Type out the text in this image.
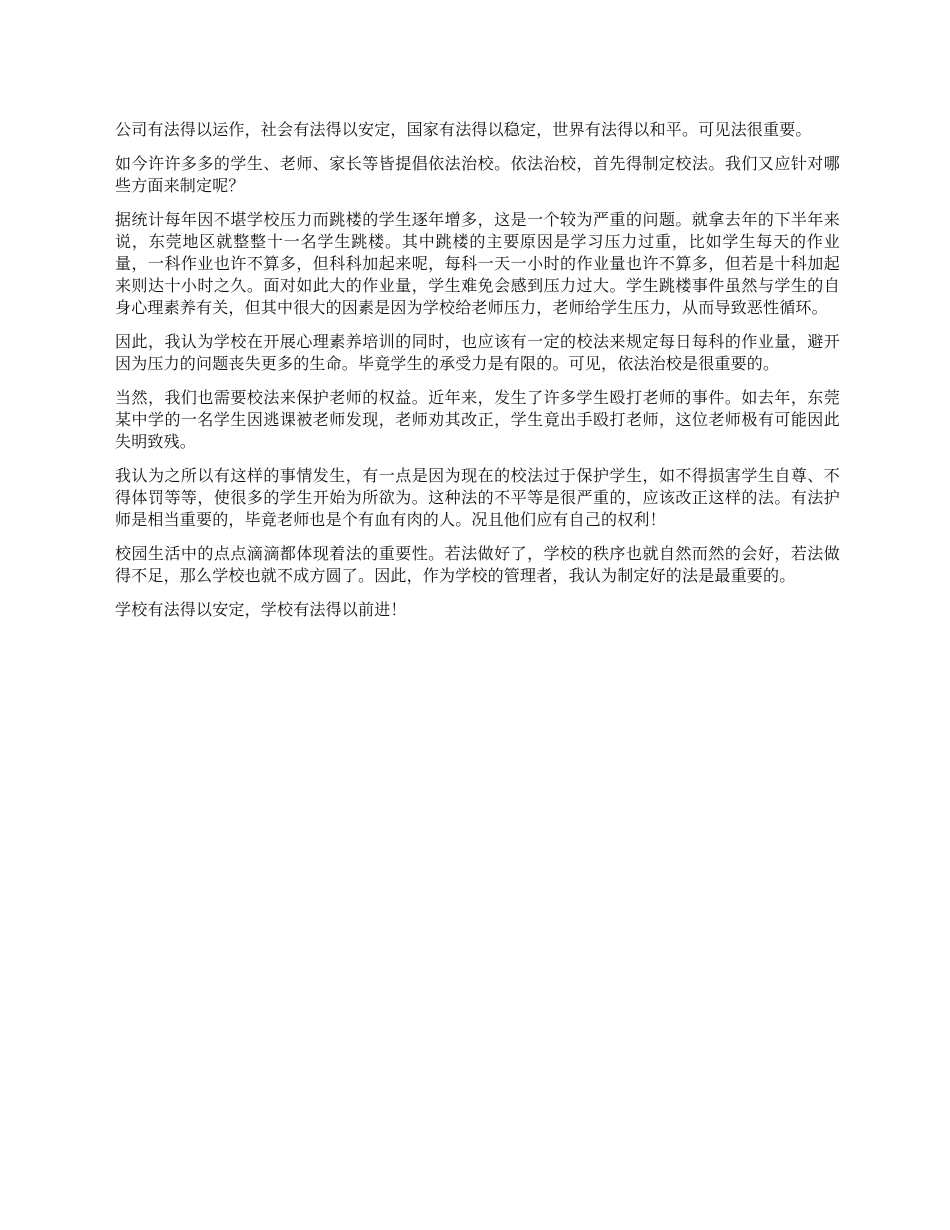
公司有法得以运作，社会有法得以安定，国家有法得以稳定，世界有法得以和平。可见法很重要。

如今许许多多的学生、老师、家长等皆提倡依法治校。依法治校，首先得制定校法。我们又应针对哪些方面来制定呢？

据统计每年因不堪学校压力而跳楼的学生逐年增多，这是一个较为严重的问题。就拿去年的下半年来说，东莞地区就整整十一名学生跳楼。其中跳楼的主要原因是学习压力过重，比如学生每天的作业量，一科作业也许不算多，但科科加起来呢，每科一天一小时的作业量也许不算多，但若是十科加起来则达十小时之久。面对如此大的作业量，学生难免会感到压力过大。学生跳楼事件虽然与学生的自身心理素养有关，但其中很大的因素是因为学校给老师压力，老师给学生压力，从而导致恶性循环。

因此，我认为学校在开展心理素养培训的同时，也应该有一定的校法来规定每日每科的作业量，避开因为压力的问题丧失更多的生命。毕竟学生的承受力是有限的。可见，依法治校是很重要的。

当然，我们也需要校法来保护老师的权益。近年来，发生了许多学生殴打老师的事件。如去年，东莞某中学的一名学生因逃课被老师发现，老师劝其改正，学生竟出手殴打老师，这位老师极有可能因此失明致残。

我认为之所以有这样的事情发生，有一点是因为现在的校法过于保护学生，如不得损害学生自尊、不得体罚等等，使很多的学生开始为所欲为。这种法的不平等是很严重的，应该改正这样的法。有法护师是相当重要的，毕竟老师也是个有血有肉的人。况且他们应有自己的权利！

校园生活中的点点滴滴都体现着法的重要性。若法做好了，学校的秩序也就自然而然的会好，若法做得不足，那么学校也就不成方圆了。因此，作为学校的管理者，我认为制定好的法是最重要的。

学校有法得以安定，学校有法得以前进！
